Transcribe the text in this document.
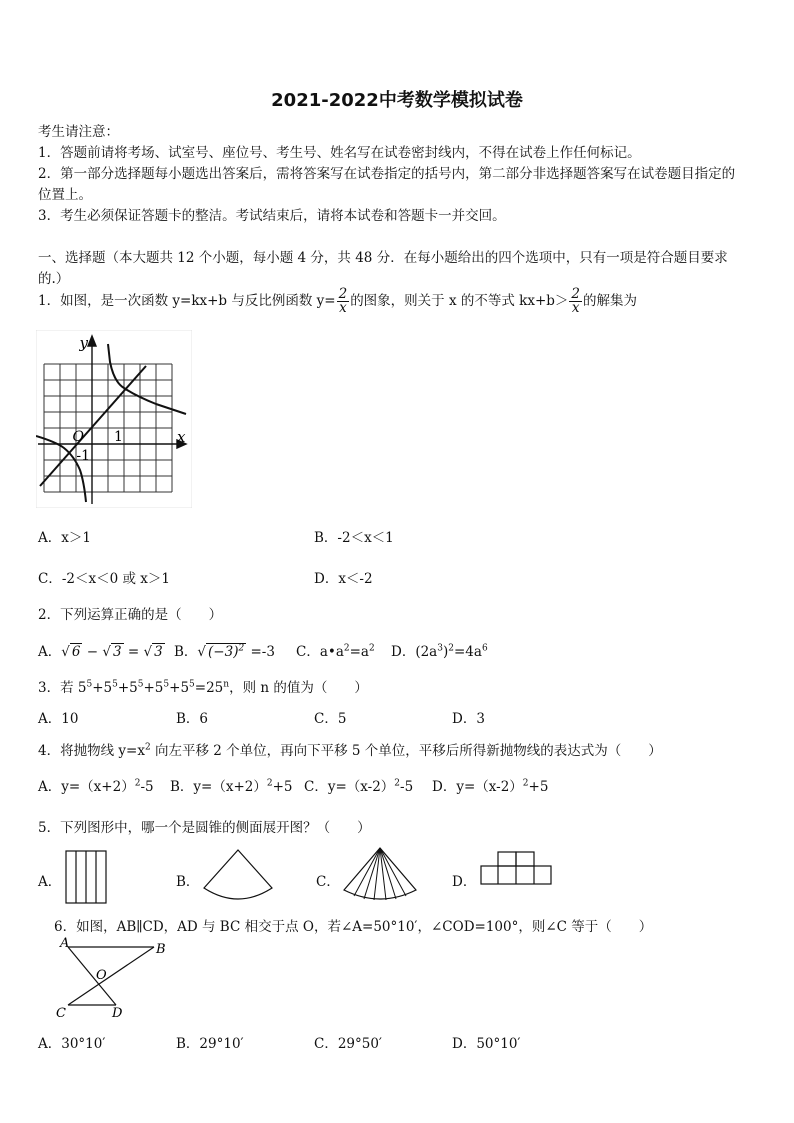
2021-2022中考数学模拟试卷
考生请注意：
1．答题前请将考场、试室号、座位号、考生号、姓名写在试卷密封线内，不得在试卷上作任何标记。
2．第一部分选择题每小题选出答案后，需将答案写在试卷指定的括号内，第二部分非选择题答案写在试卷题目指定的
位置上。
3．考生必须保证答题卡的整洁。考试结束后，请将本试卷和答题卡一并交回。
一、选择题（本大题共 12 个小题，每小题 4 分，共 48 分．在每小题给出的四个选项中，只有一项是符合题目要求
的.）
1．如图，是一次函数 y=kx+b 与反比例函数 $y= \frac{2}{x}$ 的图象，则关于 x 的不等式 $kx+b> \frac{2}{x}$ 的解集为
y
x
O 1
-1
A．x＞1	B．-2＜x＜1
C．-2＜x＜0 或 x＞1	D．x＜-2
2．下列运算正确的是（　　）
A．√ 6 − √ 3 = √ 3 B．√ $(-3)^2 =-3$ C．$a•a^2=a^2$ D．$(2a^3)^2=4a^6$
3．若 $5^5+5^5+5^5+5^5+5^5=25^n$，则 n 的值为（　　）
A．10	B．6	C．5	D．3
4．将抛物线 $y=x^2$ 向左平移 2 个单位，再向下平移 5 个单位，平移后所得新抛物线的表达式为（　　）
A．$y=(x+2)^2-5$ B．$y=(x+2)^2+5$ C．$y=(x-2)^2-5$ D．$y=(x-2)^2+5$
5．下列图形中，哪一个是圆锥的侧面展开图？（　　）
A．	B．	C．	D．
6．如图，AB∥CD，AD 与 BC 相交于点 O，若∠A=50°10′，∠COD=100°，则∠C 等于（　　）
A	B
O
C	D
A．30°10′	B．29°10′	C．29°50′	D．50°10′
